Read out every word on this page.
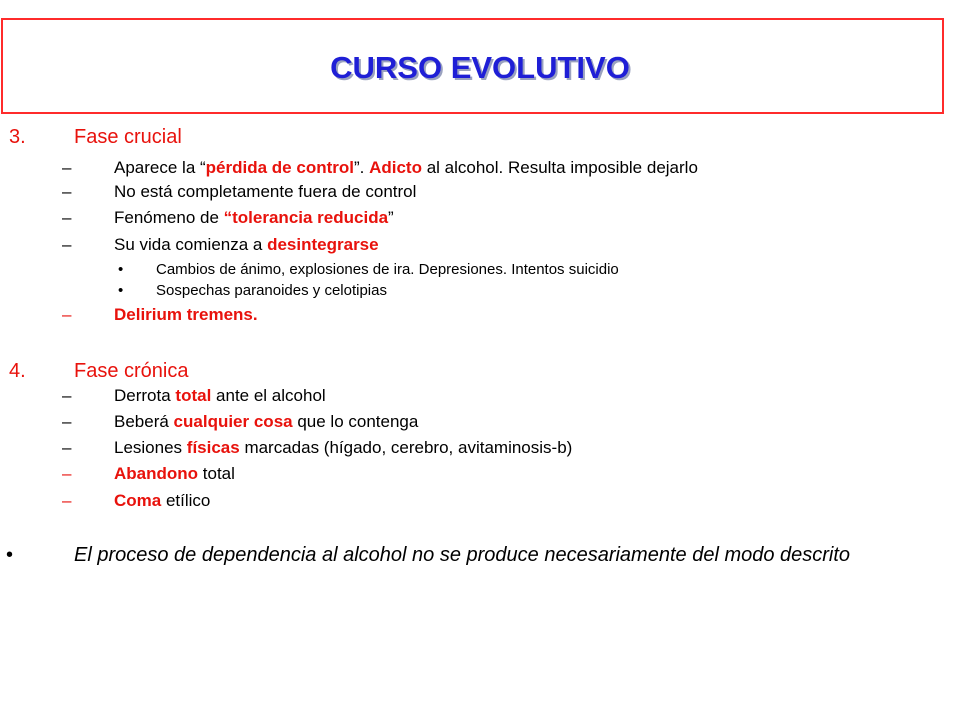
CURSO EVOLUTIVO
3. Fase crucial
–	Aparece la “pérdida de control”. Adicto al alcohol. Resulta imposible dejarlo
–	No está completamente fuera de control
–	Fenómeno de “tolerancia reducida”
–	Su vida comienza a desintegrarse
• Cambios de ánimo, explosiones de ira. Depresiones. Intentos suicidio
• Sospechas paranoides y celotipias
–	Delirium tremens.
4. Fase crónica
–	Derrota total ante el alcohol
–	Beberá cualquier cosa que lo contenga
–	Lesiones físicas marcadas (hígado, cerebro, avitaminosis-b)
–	Abandono total
–	Coma etílico
•	El proceso de dependencia al alcohol no se produce necesariamente del modo descrito
